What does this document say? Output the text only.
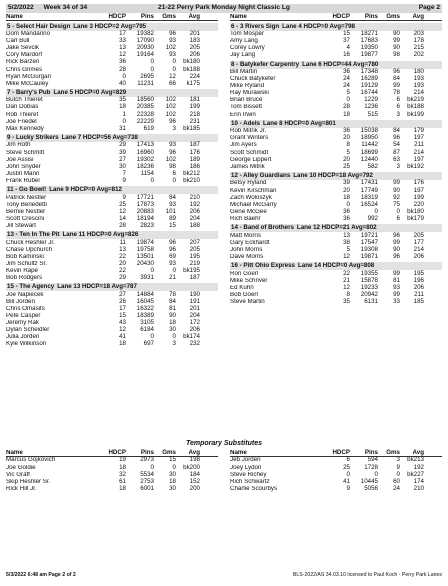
5/2/2022 Week 34 of 34	21-22 Perry Park Monday Night Classic Lg	Page 2
Name	HDCP	Pins	Gms	Avg
5 - Select Hair Design Lane 3 HDCP=2 Avg=795
Dom Mandarino	17	19382	96	201
Carl Bull	33	17090	93	183
Jake Sevcik	13	20930	102	205
Cory Mardorf	12	19164	93	206
Rick Barzen	36	0	0	bk180
Chris Grimes	28	0	0	bk188
Ryan McGurgan	0	2695	12	224
Mike McCauley	40	11231	66	k175
7 - Barry's Pub Lane 5 HDCP=0 Avg=829
Butch Thieret	35	18560	102	181
Dan Dobias	18	20385	102	199
Rob Thieret	1	22328	102	218
Joe Friedel	0	22229	96	231
Max Kennedy	31	619	3	bk185
9 - Lucky Strikers Lane 7 HDCP=56 Avg=738
Jim Roth	29	17413	93	187
Steve Schmitt	39	16960	96	176
Joe Assisi	27	19302	102	189
John Snyder	30	18236	98	186
Justin Mann	7	1154	6	bk212
Frank Rubel	9	0	0	bk210
11 - Go Bowl! Lane 9 HDCP=0 Avg=812
Patrick Nestler	9	17721	84	210
Tony Benedetti	25	17873	93	192
Bernie Nestler	12	20883	101	206
Scott Crescini	14	18194	89	204
Jill Stewart	28	2823	15	188
13 - Ten In The Pit Lane 11 HDCP=0 Avg=826
Chuck Heshler Jr.	11	19874	96	207
Chase Upchurch	13	19758	96	205
Bob Kaminski	22	13501	69	195
Jim Schultz Sr.	20	20430	93	219
Kevin Rape	22	0	0	bk195
Bob Rodgers	29	3931	21	187
15 - The Agency Lane 13 HDCP=18 Avg=787
Joe Napiecek	27	14884	78	190
Bill Jorden	26	16045	84	191
Chris Omasits	17	16322	81	201
Pete Casper	15	18389	90	204
Jeremy Rak	43	3105	18	172
Dylan Scheidler	12	6184	30	206
Julia Jorden	41	0	0	bk174
Kyle Wilkinson	18	697	3	232
Name	HDCP	Pins	Gms	Avg
6 - 3 Rivers Sign Lane 4 HDCP=0 Avg=798
Tom Mosper	15	18271	90	203
Amy Lang	37	17683	99	178
Corey Lowry	4	19350	90	215
Jay Lang	16	19877	98	202
8 - Batykefer Carpentry Lane 6 HDCP=44 Avg=780
Bill Martin	36	17348	96	180
Chuck Batykefer	24	16289	84	193
Mike Ryland	24	19129	99	193
Ray Murawski	5	16744	78	214
Brian Bruce	0	1229	6	bk219
Tom Bissett	28	1236	6	bk188
Erin Irwin	18	515	3	bk199
10 - Adels Lane 8 HDCP=0 Avg=801
Rob Mitrik Jr.	36	15038	84	179
Grant Winters	20	18950	96	197
Jim Ayers	8	11442	54	211
Scott Schmidt	5	18699	87	214
George Lippert	20	12440	63	197
James Mitrik	25	582	3	bk192
12 - Alley Guardians Lane 10 HDCP=18 Avg=792
Betsy Ryland	39	17431	99	176
Kevin Kirschman	20	17749	90	197
Zach Woloszyk	18	18319	92	199
Michael McGarry	0	16524	75	220
Gene McGee	36	0	0	bk180
Rich Baehr	36	992	6	bk179
14 - Band of Brothers Lane 12 HDCP=21 Avg=802
Matt Morris	13	19721	96	205
Gary Eckhardt	38	17547	99	177
John Morris	5	19308	90	214
Dave Morris	12	19871	96	206
16 - Pitt Ohio Express Lane 14 HDCP=0 Avg=808
Ron Goerl	22	19355	99	195
Mike Schriver	21	15878	81	196
Ed Kuhn	12	19233	93	206
Bob Goerl	8	20942	99	211
Steve Martin	35	6131	33	185
Temporary Substitutes
Name	HDCP	Pins	Gms	Avg
Marcus Gojkovich	19	2973	15	198
Joe Goldie	18	0	0	bk200
Vic Graff	32	5534	30	184
Skip Heshler Sr.	61	2753	18	152
Rick Hill Jr.	18	6001	30	200
Name	HDCP	Pins	Gms	Avg
Jeb Jorden	6	594	3	bk213
Joey Lydon	25	1728	9	192
Steve Richey	0	0	0	bk227
Rich Schwartz	41	10445	60	174
Charlie Scourbys	9	5056	24	210
5/3/2022 6:48 am Page 2 of 2	BLS-2022/AS 34.03.10 licensed to Paul Koch - Perry Park Lanes
